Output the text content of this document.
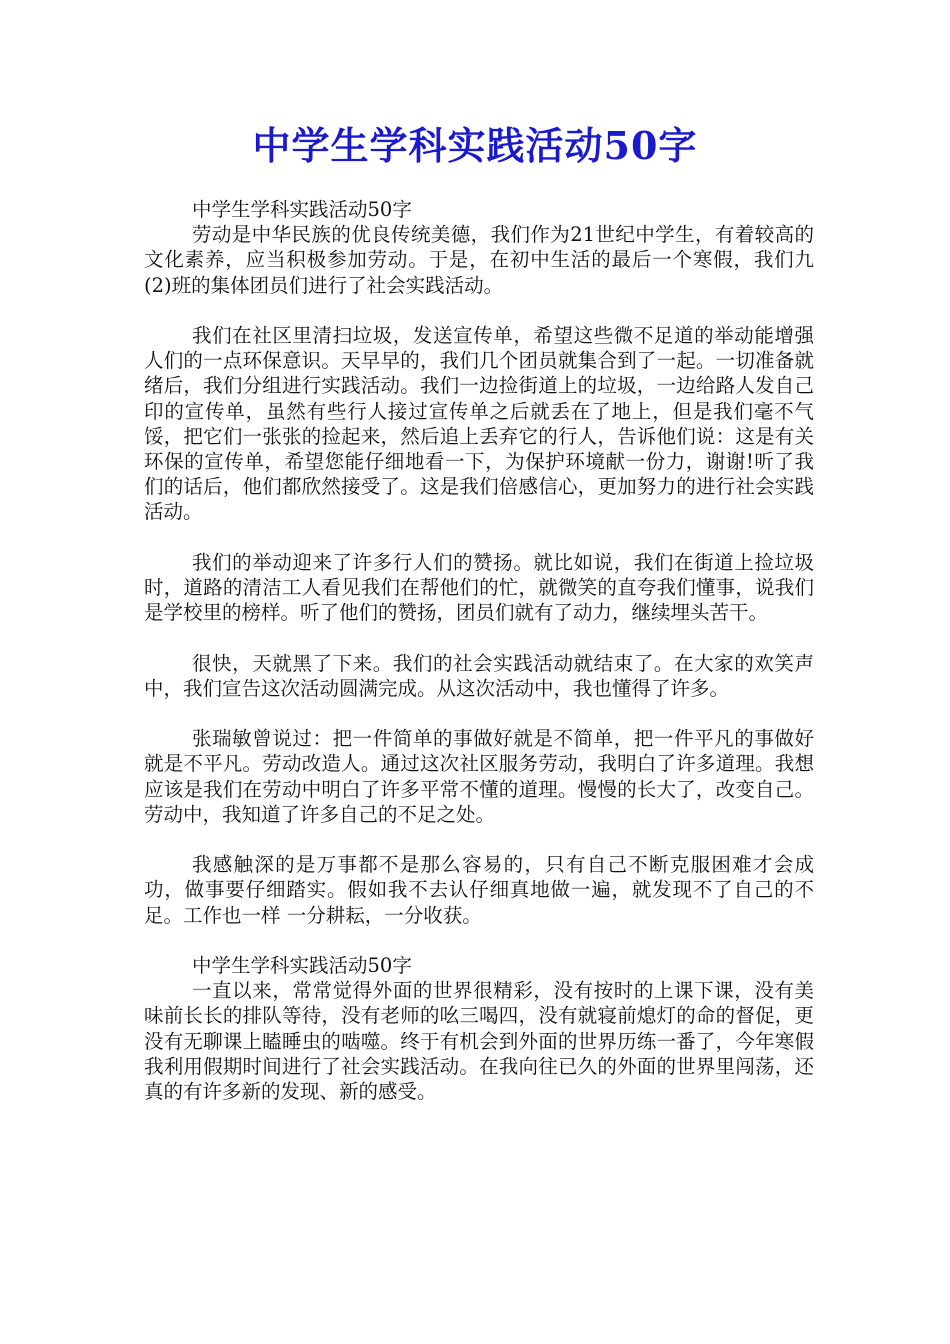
中学生学科实践活动50字

中学生学科实践活动50字

劳动是中华民族的优良传统美德，我们作为21世纪中学生，有着较高的文化素养，应当积极参加劳动。于是，在初中生活的最后一个寒假，我们九(2)班的集体团员们进行了社会实践活动。

我们在社区里清扫垃圾，发送宣传单，希望这些微不足道的举动能增强人们的一点环保意识。天早早的，我们几个团员就集合到了一起。一切准备就绪后，我们分组进行实践活动。我们一边捡街道上的垃圾，一边给路人发自己印的宣传单，虽然有些行人接过宣传单之后就丢在了地上，但是我们毫不气馁，把它们一张张的捡起来，然后追上丢弃它的行人，告诉他们说：这是有关环保的宣传单，希望您能仔细地看一下，为保护环境献一份力，谢谢!听了我们的话后，他们都欣然接受了。这是我们倍感信心，更加努力的进行社会实践活动。

我们的举动迎来了许多行人们的赞扬。就比如说，我们在街道上捡垃圾时，道路的清洁工人看见我们在帮他们的忙，就微笑的直夸我们懂事，说我们是学校里的榜样。听了他们的赞扬，团员们就有了动力，继续埋头苦干。

很快，天就黑了下来。我们的社会实践活动就结束了。在大家的欢笑声中，我们宣告这次活动圆满完成。从这次活动中，我也懂得了许多。

张瑞敏曾说过：把一件简单的事做好就是不简单，把一件平凡的事做好就是不平凡。劳动改造人。通过这次社区服务劳动，我明白了许多道理。我想应该是我们在劳动中明白了许多平常不懂的道理。慢慢的长大了，改变自己。劳动中，我知道了许多自己的不足之处。

我感触深的是万事都不是那么容易的，只有自己不断克服困难才会成功，做事要仔细踏实。假如我不去认仔细真地做一遍，就发现不了自己的不足。工作也一样 一分耕耘，一分收获。

中学生学科实践活动50字

一直以来，常常觉得外面的世界很精彩，没有按时的上课下课，没有美味前长长的排队等待，没有老师的吆三喝四，没有就寝前熄灯的命的督促，更没有无聊课上瞌睡虫的啮噬。终于有机会到外面的世界历练一番了，今年寒假我利用假期时间进行了社会实践活动。在我向往已久的外面的世界里闯荡，还真的有许多新的发现、新的感受。
